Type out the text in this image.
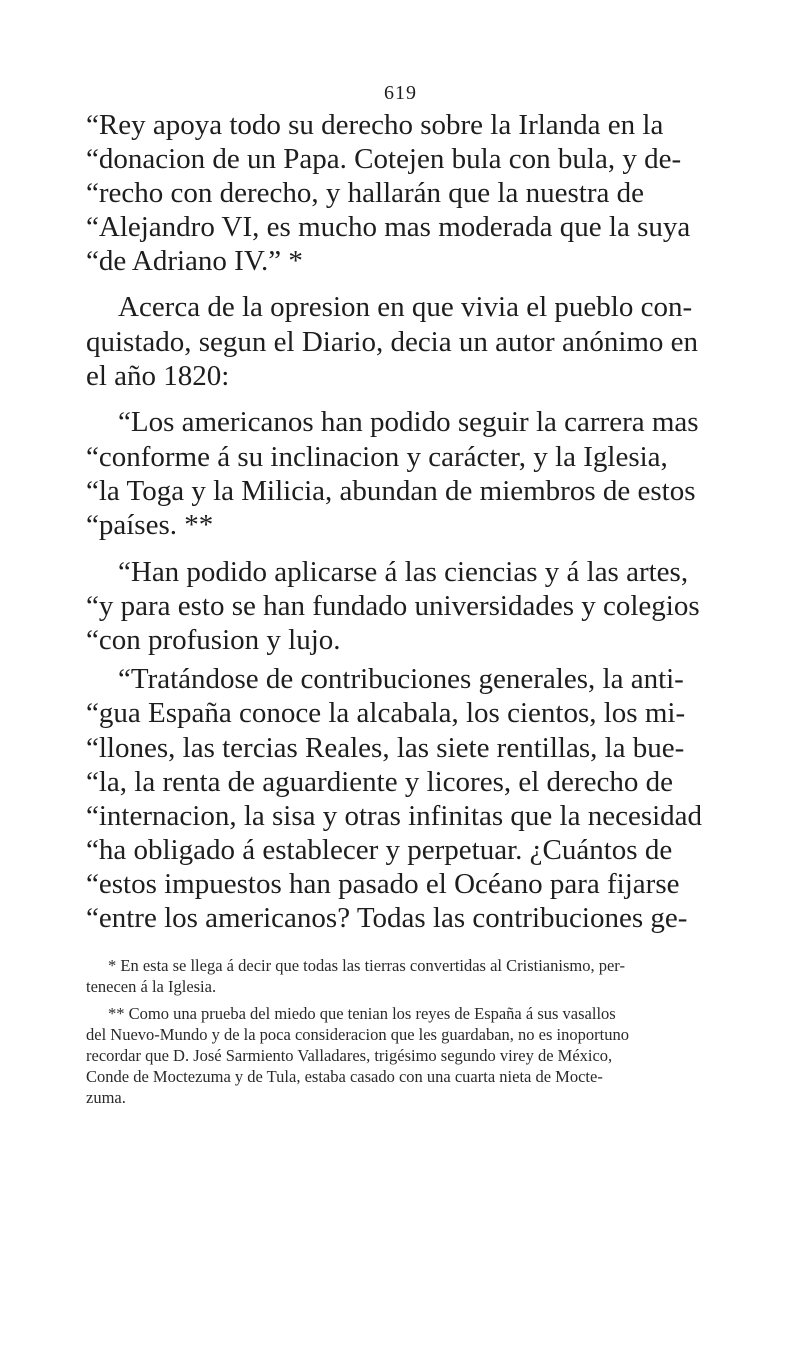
619
“Rey apoya todo su derecho sobre la Irlanda en la
“donacion de un Papa. Cotejen bula con bula, y de-
“recho con derecho, y hallarán que la nuestra de
“Alejandro VI, es mucho mas moderada que la suya
“de Adriano IV.” *
Acerca de la opresion en que vivia el pueblo con-
quistado, segun el Diario, decia un autor anónimo en
el año 1820:
“Los americanos han podido seguir la carrera mas
“conforme á su inclinacion y carácter, y la Iglesia,
“la Toga y la Milicia, abundan de miembros de estos
“países. **
“Han podido aplicarse á las ciencias y á las artes,
“y para esto se han fundado universidades y colegios
“con profusion y lujo.
“Tratándose de contribuciones generales, la anti-
“gua España conoce la alcabala, los cientos, los mi-
“llones, las tercias Reales, las siete rentillas, la bue-
“la, la renta de aguardiente y licores, el derecho de
“internacion, la sisa y otras infinitas que la necesidad
“ha obligado á establecer y perpetuar. ¿Cuántos de
“estos impuestos han pasado el Océano para fijarse
“entre los americanos? Todas las contribuciones ge-
* En esta se llega á decir que todas las tierras convertidas al Cristianismo, per-
tenecen á la Iglesia.
** Como una prueba del miedo que tenian los reyes de España á sus vasallos
del Nuevo-Mundo y de la poca consideracion que les guardaban, no es inoportuno
recordar que D. José Sarmiento Valladares, trigésimo segundo virey de México,
Conde de Moctezuma y de Tula, estaba casado con una cuarta nieta de Mocte-
zuma.
